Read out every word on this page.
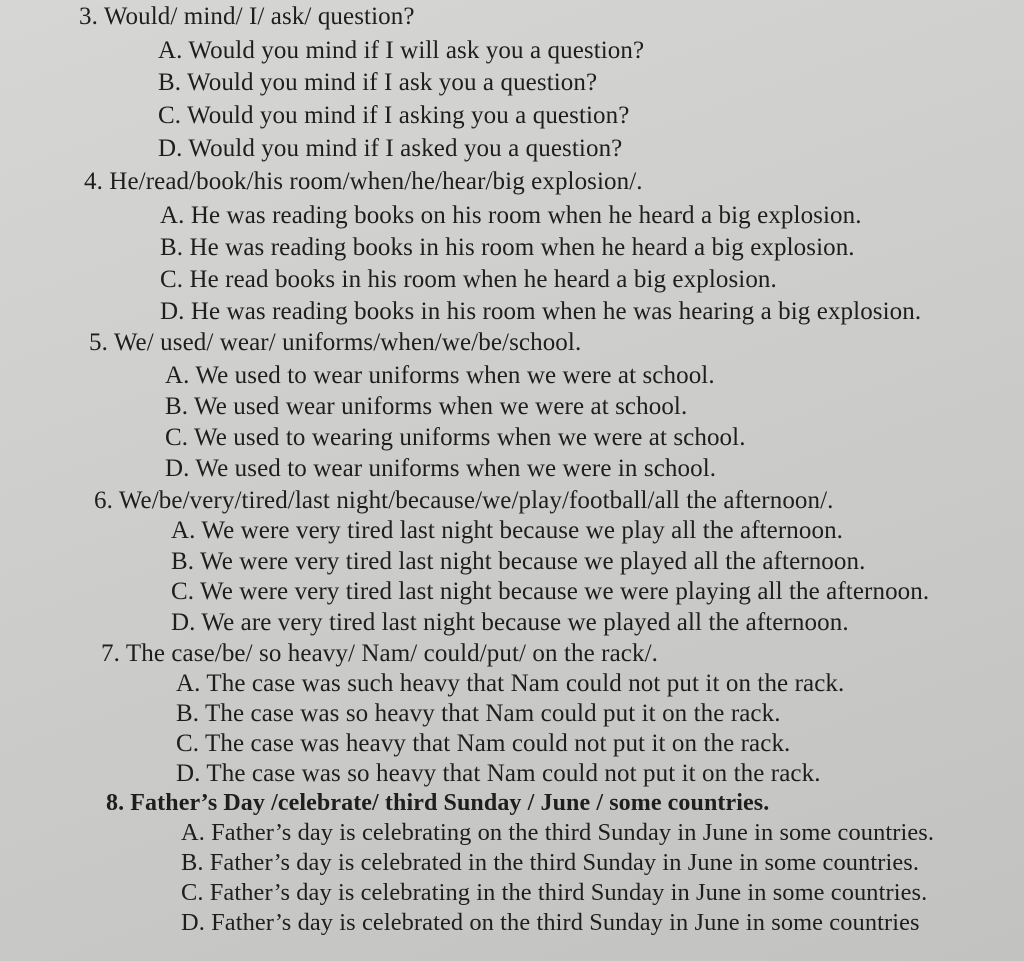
3. Would/ mind/ I/ ask/ question?
A. Would you mind if I will ask you a question?
B. Would you mind if I ask you a question?
C. Would you mind if I asking you a question?
D. Would you mind if I asked you a question?
4. He/read/book/his room/when/he/hear/big explosion/.
A. He was reading books on his room when he heard a big explosion.
B. He was reading books in his room when he heard a big explosion.
C. He read books in his room when he heard a big explosion.
D. He was reading books in his room when he was hearing a big explosion.
5. We/ used/ wear/ uniforms/when/we/be/school.
A. We used to wear uniforms when we were at school.
B. We used wear uniforms when we were at school.
C. We used to wearing uniforms when we were at school.
D. We used to wear uniforms when we were in school.
6. We/be/very/tired/last night/because/we/play/football/all the afternoon/.
A. We were very tired last night because we play all the afternoon.
B. We were very tired last night because we played all the afternoon.
C. We were very tired last night because we were playing all the afternoon.
D. We are very tired last night because we played all the afternoon.
7. The case/be/ so heavy/ Nam/ could/put/ on the rack/.
A. The case was such heavy that Nam could not put it on the rack.
B. The case was so heavy that Nam could put it on the rack.
C. The case was heavy that Nam could not put it on the rack.
D. The case was so heavy that Nam could not put it on the rack.
8. Father’s Day /celebrate/ third Sunday / June / some countries.
A. Father’s day is celebrating on the third Sunday in June in some countries.
B. Father’s day is celebrated in the third Sunday in June in some countries.
C. Father’s day is celebrating in the third Sunday in June in some countries.
D. Father’s day is celebrated on the third Sunday in June in some countries
